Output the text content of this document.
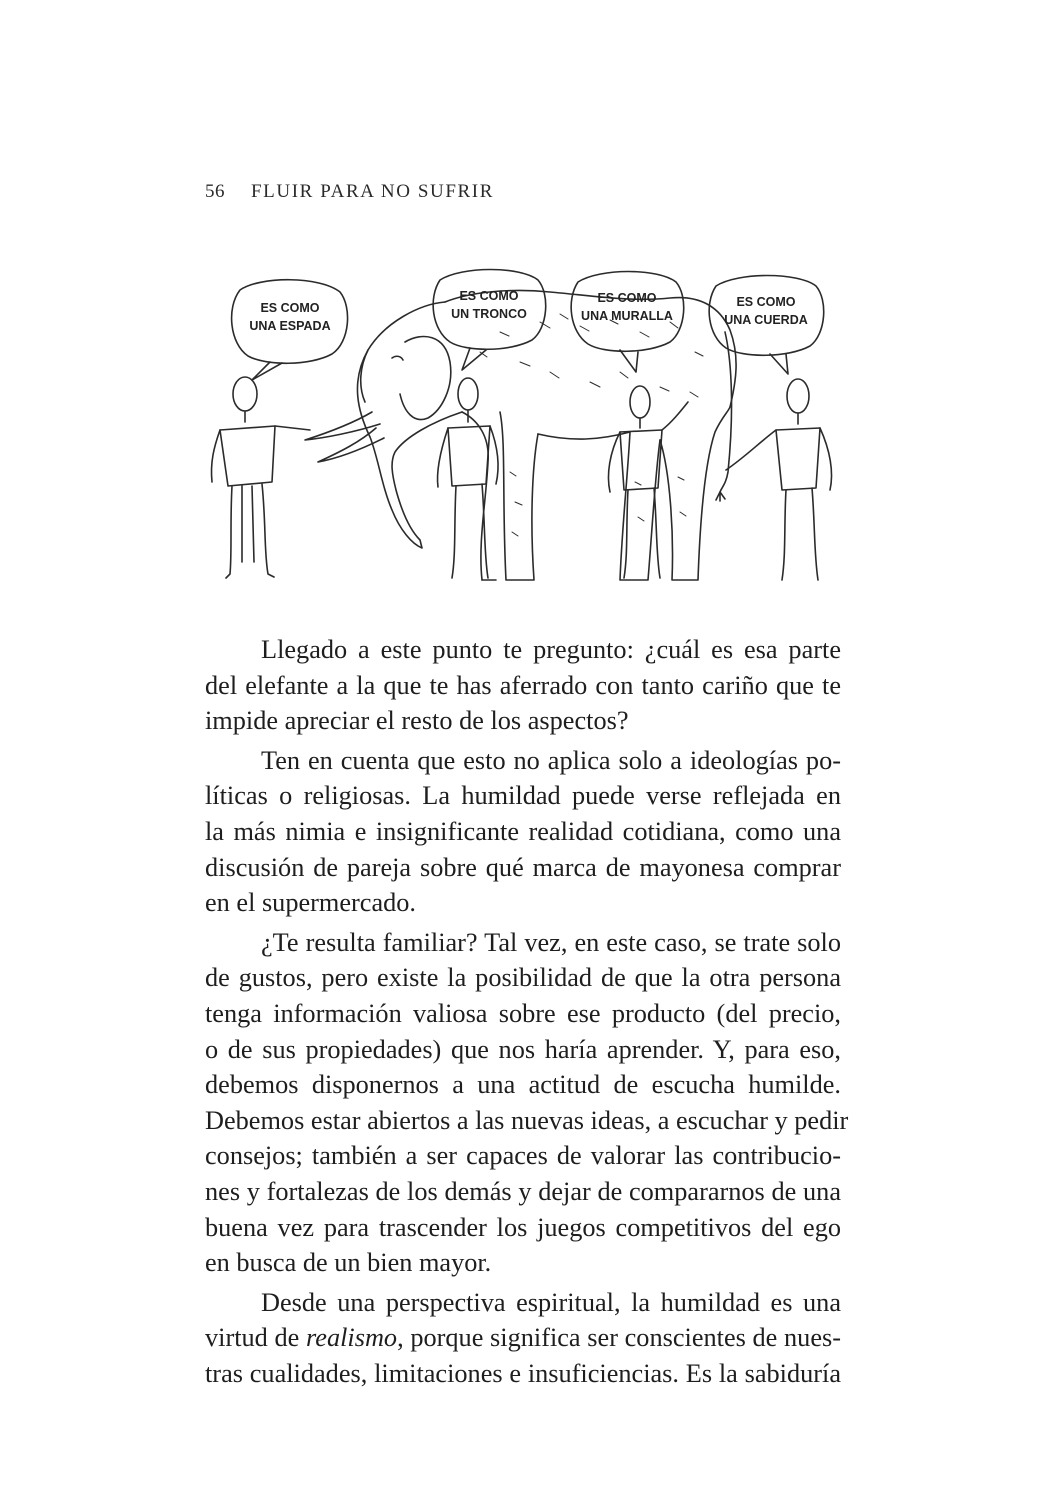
56 FLUIR PARA NO SUFRIR
ES COMO
UNA ESPADA
ES COMO
UN TRONCO
ES COMO
UNA MURALLA
ES COMO
UNA CUERDA

Llegado a este punto te pregunto: ¿cuál es esa parte
del elefante a la que te has aferrado con tanto cariño que te
impide apreciar el resto de los aspectos?

Ten en cuenta que esto no aplica solo a ideologías po-
líticas o religiosas. La humildad puede verse reflejada en
la más nimia e insignificante realidad cotidiana, como una
discusión de pareja sobre qué marca de mayonesa comprar
en el supermercado.

¿Te resulta familiar? Tal vez, en este caso, se trate solo
de gustos, pero existe la posibilidad de que la otra persona
tenga información valiosa sobre ese producto (del precio,
o de sus propiedades) que nos haría aprender. Y, para eso,
debemos disponernos a una actitud de escucha humilde.
Debemos estar abiertos a las nuevas ideas, a escuchar y pedir
consejos; también a ser capaces de valorar las contribucio-
nes y fortalezas de los demás y dejar de compararnos de una
buena vez para trascender los juegos competitivos del ego
en busca de un bien mayor.

Desde una perspectiva espiritual, la humildad es una
virtud de realismo, porque significa ser conscientes de nues-
tras cualidades, limitaciones e insuficiencias. Es la sabiduría
